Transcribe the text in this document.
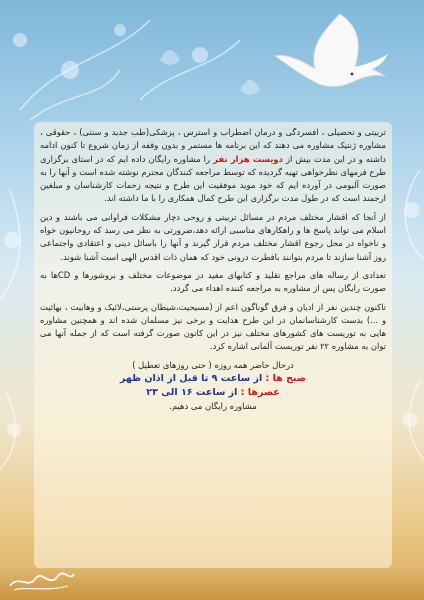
تربیتی و تحصیلی ، افسردگی و درمان اضطراب و استرس ، پزشکی(طب جدید و سنتی) ، حقوقی ، مشاوره ژنتیک مشاوره می دهند که این برنامه ها مستمر و بدون وقفه از زمان شروع تا کنون ادامه داشته و در این مدت بیش از دویست هزار نفر را مشاوره رایگان داده ایم که در استای برگزاری طرح فرمهای نظرخواهی تهیه گردیده که توسط مراجعه کنندگان محترم نوشته شده است و آنها را به صورت آلبومی در آورده ایم که خود موید موفقیت این طرح و نتیجه زحمات کارشناسان و مبلغین ارجمند است که در طول مدت برگزاری این طرح کمال همکاری را با ما داشته اند.

از آنجا که اقشار مختلف مردم در مسائل تربیتی و روحی دچار مشکلات فراوانی می باشند و دین اسلام می تواند پاسخ ها و راهکارهای مناسبی ارائه دهد،ضرورتی به نظر می رسد که روحانیون خواه و ناخواه در محل رجوع اقشار مختلف مردم قرار گیرند و آنها را باسائل دینی و اعتقادی واجتماعی روز آشنا سازند تا مردم بتوانند بافطرت درونی خود که همان ذات اقدس الهی است آشنا شوند.

تعدادی از رساله های مراجع تقلید و کتابهای مفید در موضوعات مختلف و بروشورها و CDها به صورت رایگان پس از مشاوره به مراجعه کننده اهداء می گردد.

تاکنون چندین نفر از ادیان و فرق گوناگون اعم از (مسیحیت،شیطان پرستی،لائیک و وهابیت ، بهائیت و ...) بدست کارشناسانمان در این طرح هدایت و برخی نیز مسلمان شده اند و همچنین مشاوره هایی به توریست های کشورهای مختلف نیز در این کانون صورت گرفته است که از جمله آنها می توان به مشاوره ۲۲ نفر توریست آلمانی اشاره کرد.

درحال حاضر همه روزه ( حتی روزهای تعطیل )
صبح ها : از ساعت ۹ تا قبل از اذان ظهر
عصرها : از ساعت ۱۶ الی ۲۳
مشاوره رایگان می دهیم.
